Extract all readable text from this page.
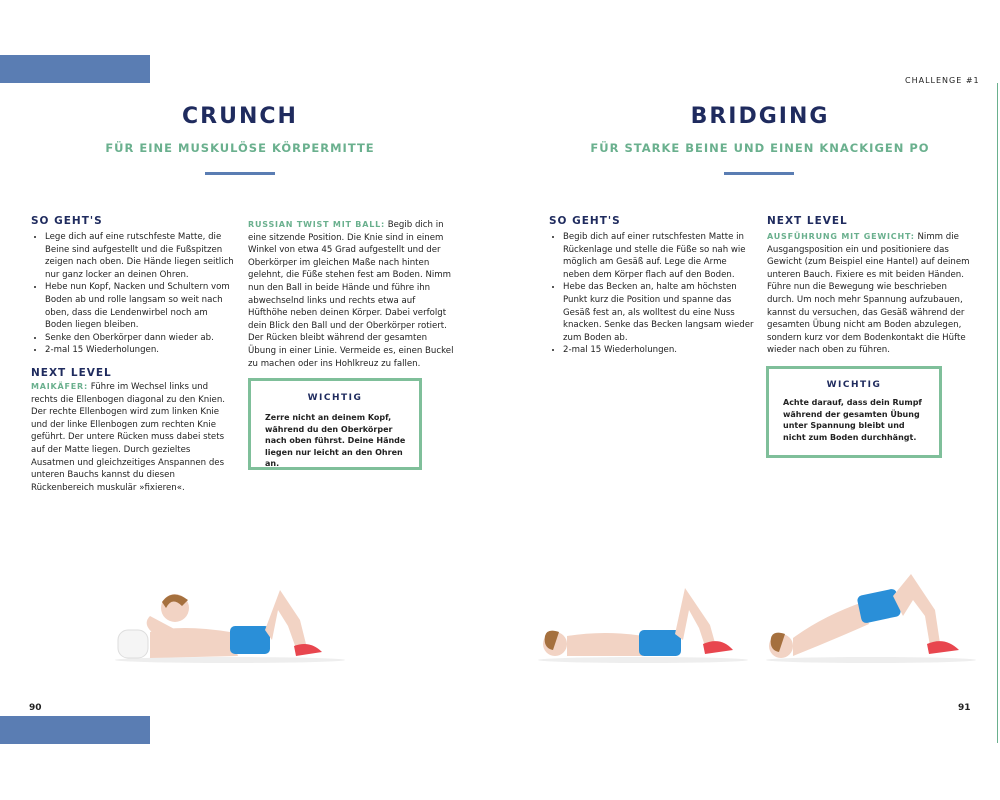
CHALLENGE #1
CRUNCH
FÜR EINE MUSKULÖSE KÖRPERMITTE
SO GEHT'S
• Lege dich auf eine rutschfeste Matte, die Beine sind aufgestellt und die Fußspitzen zeigen nach oben. Die Hände liegen seitlich nur ganz locker an deinen Ohren.
• Hebe nun Kopf, Nacken und Schultern vom Boden ab und rolle langsam so weit nach oben, dass die Lendenwirbel noch am Boden liegen bleiben.
• Senke den Oberkörper dann wieder ab.
• 2-mal 15 Wiederholungen.
NEXT LEVEL
MAIKÄFER: Führe im Wechsel links und rechts die Ellenbogen diagonal zu den Knien. Der rechte Ellenbogen wird zum linken Knie und der linke Ellenbogen zum rechten Knie geführt. Der untere Rücken muss dabei stets auf der Matte liegen. Durch gezieltes Ausatmen und gleichzeitiges Anspannen des unteren Bauchs kannst du diesen Rückenbereich muskulär »fixieren«.
RUSSIAN TWIST MIT BALL: Begib dich in eine sitzende Position. Die Knie sind in einem Winkel von etwa 45 Grad aufgestellt und der Oberkörper im gleichen Maße nach hinten gelehnt, die Füße stehen fest am Boden. Nimm nun den Ball in beide Hände und führe ihn abwechselnd links und rechts etwa auf Hüfthöhe neben deinen Körper. Dabei verfolgt dein Blick den Ball und der Oberkörper rotiert.
Der Rücken bleibt während der gesamten Übung in einer Linie. Vermeide es, einen Buckel zu machen oder ins Hohlkreuz zu fallen.
WICHTIG
Zerre nicht an deinem Kopf, während du den Oberkörper nach oben führst. Deine Hände liegen nur leicht an den Ohren an.
90
BRIDGING
FÜR STARKE BEINE UND EINEN KNACKIGEN PO
SO GEHT'S
• Begib dich auf einer rutschfesten Matte in Rückenlage und stelle die Füße so nah wie möglich am Gesäß auf. Lege die Arme neben dem Körper flach auf den Boden.
• Hebe das Becken an, halte am höchsten Punkt kurz die Position und spanne das Gesäß fest an, als wolltest du eine Nuss knacken. Senke das Becken langsam wieder zum Boden ab.
• 2-mal 15 Wiederholungen.
NEXT LEVEL
AUSFÜHRUNG MIT GEWICHT: Nimm die Ausgangsposition ein und positioniere das Gewicht (zum Beispiel eine Hantel) auf deinem unteren Bauch. Fixiere es mit beiden Händen. Führe nun die Bewegung wie beschrieben durch. Um noch mehr Spannung aufzubauen, kannst du versuchen, das Gesäß während der gesamten Übung nicht am Boden abzulegen, sondern kurz vor dem Bodenkontakt die Hüfte wieder nach oben zu führen.
WICHTIG
Achte darauf, dass dein Rumpf während der gesamten Übung unter Spannung bleibt und nicht zum Boden durchhängt.
91
